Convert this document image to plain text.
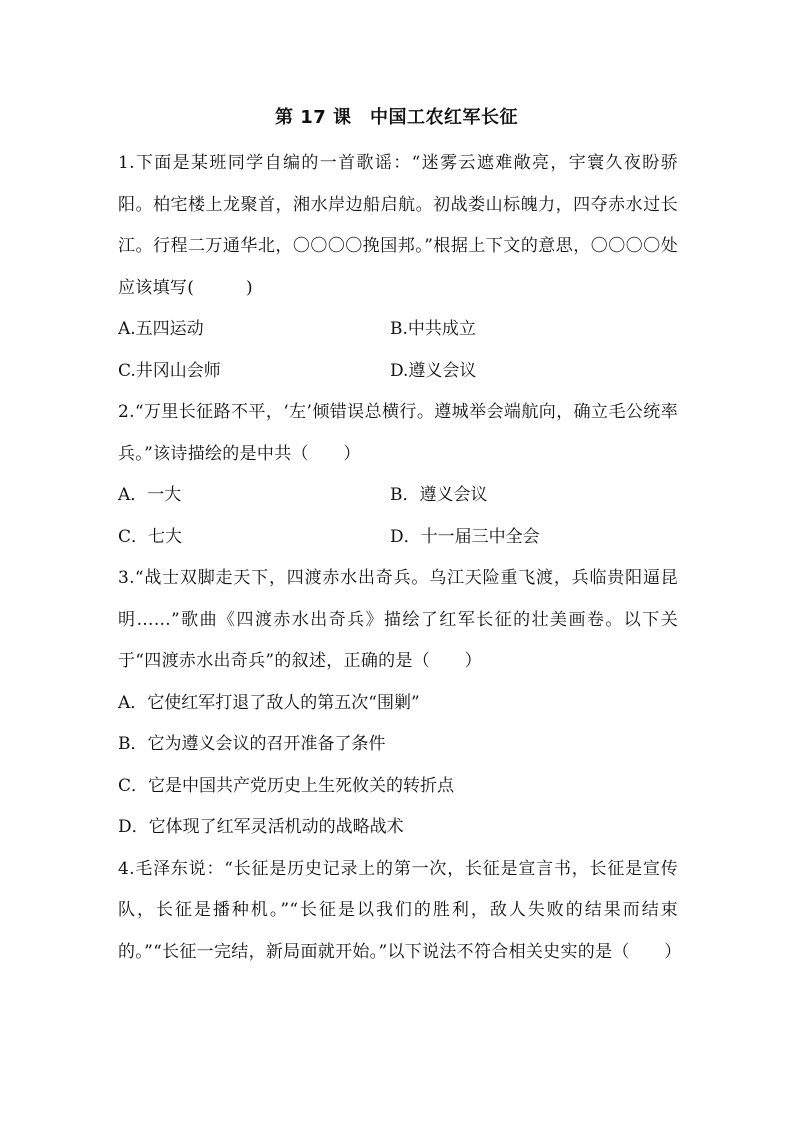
第 17 课　中国工农红军长征

1.下面是某班同学自编的一首歌谣：“迷雾云遮难敞亮，宇寰久夜盼骄阳。柏宅楼上龙聚首，湘水岸边船启航。初战娄山标魄力，四夺赤水过长江。行程二万通华北，〇〇〇〇挽国邦。”根据上下文的意思，〇〇〇〇处应该填写(　　　)

A.五四运动	B.中共成立
C.井冈山会师	D.遵义会议

2.“万里长征路不平，‘左’倾错误总横行。遵城举会端航向，确立毛公统率兵。”该诗描绘的是中共（　　）

A．一大	B．遵义会议
C．七大	D．十一届三中全会

3.“战士双脚走天下，四渡赤水出奇兵。乌江天险重飞渡，兵临贵阳逼昆明……”歌曲《四渡赤水出奇兵》描绘了红军长征的壮美画卷。以下关于“四渡赤水出奇兵”的叙述，正确的是（　　）

A．它使红军打退了敌人的第五次“围剿”
B．它为遵义会议的召开准备了条件
C．它是中国共产党历史上生死攸关的转折点
D．它体现了红军灵活机动的战略战术

4.毛泽东说：“长征是历史记录上的第一次，长征是宣言书，长征是宣传队，长征是播种机。”“长征是以我们的胜利，敌人失败的结果而结束的。”“长征一完结，新局面就开始。”以下说法不符合相关史实的是（　　）
